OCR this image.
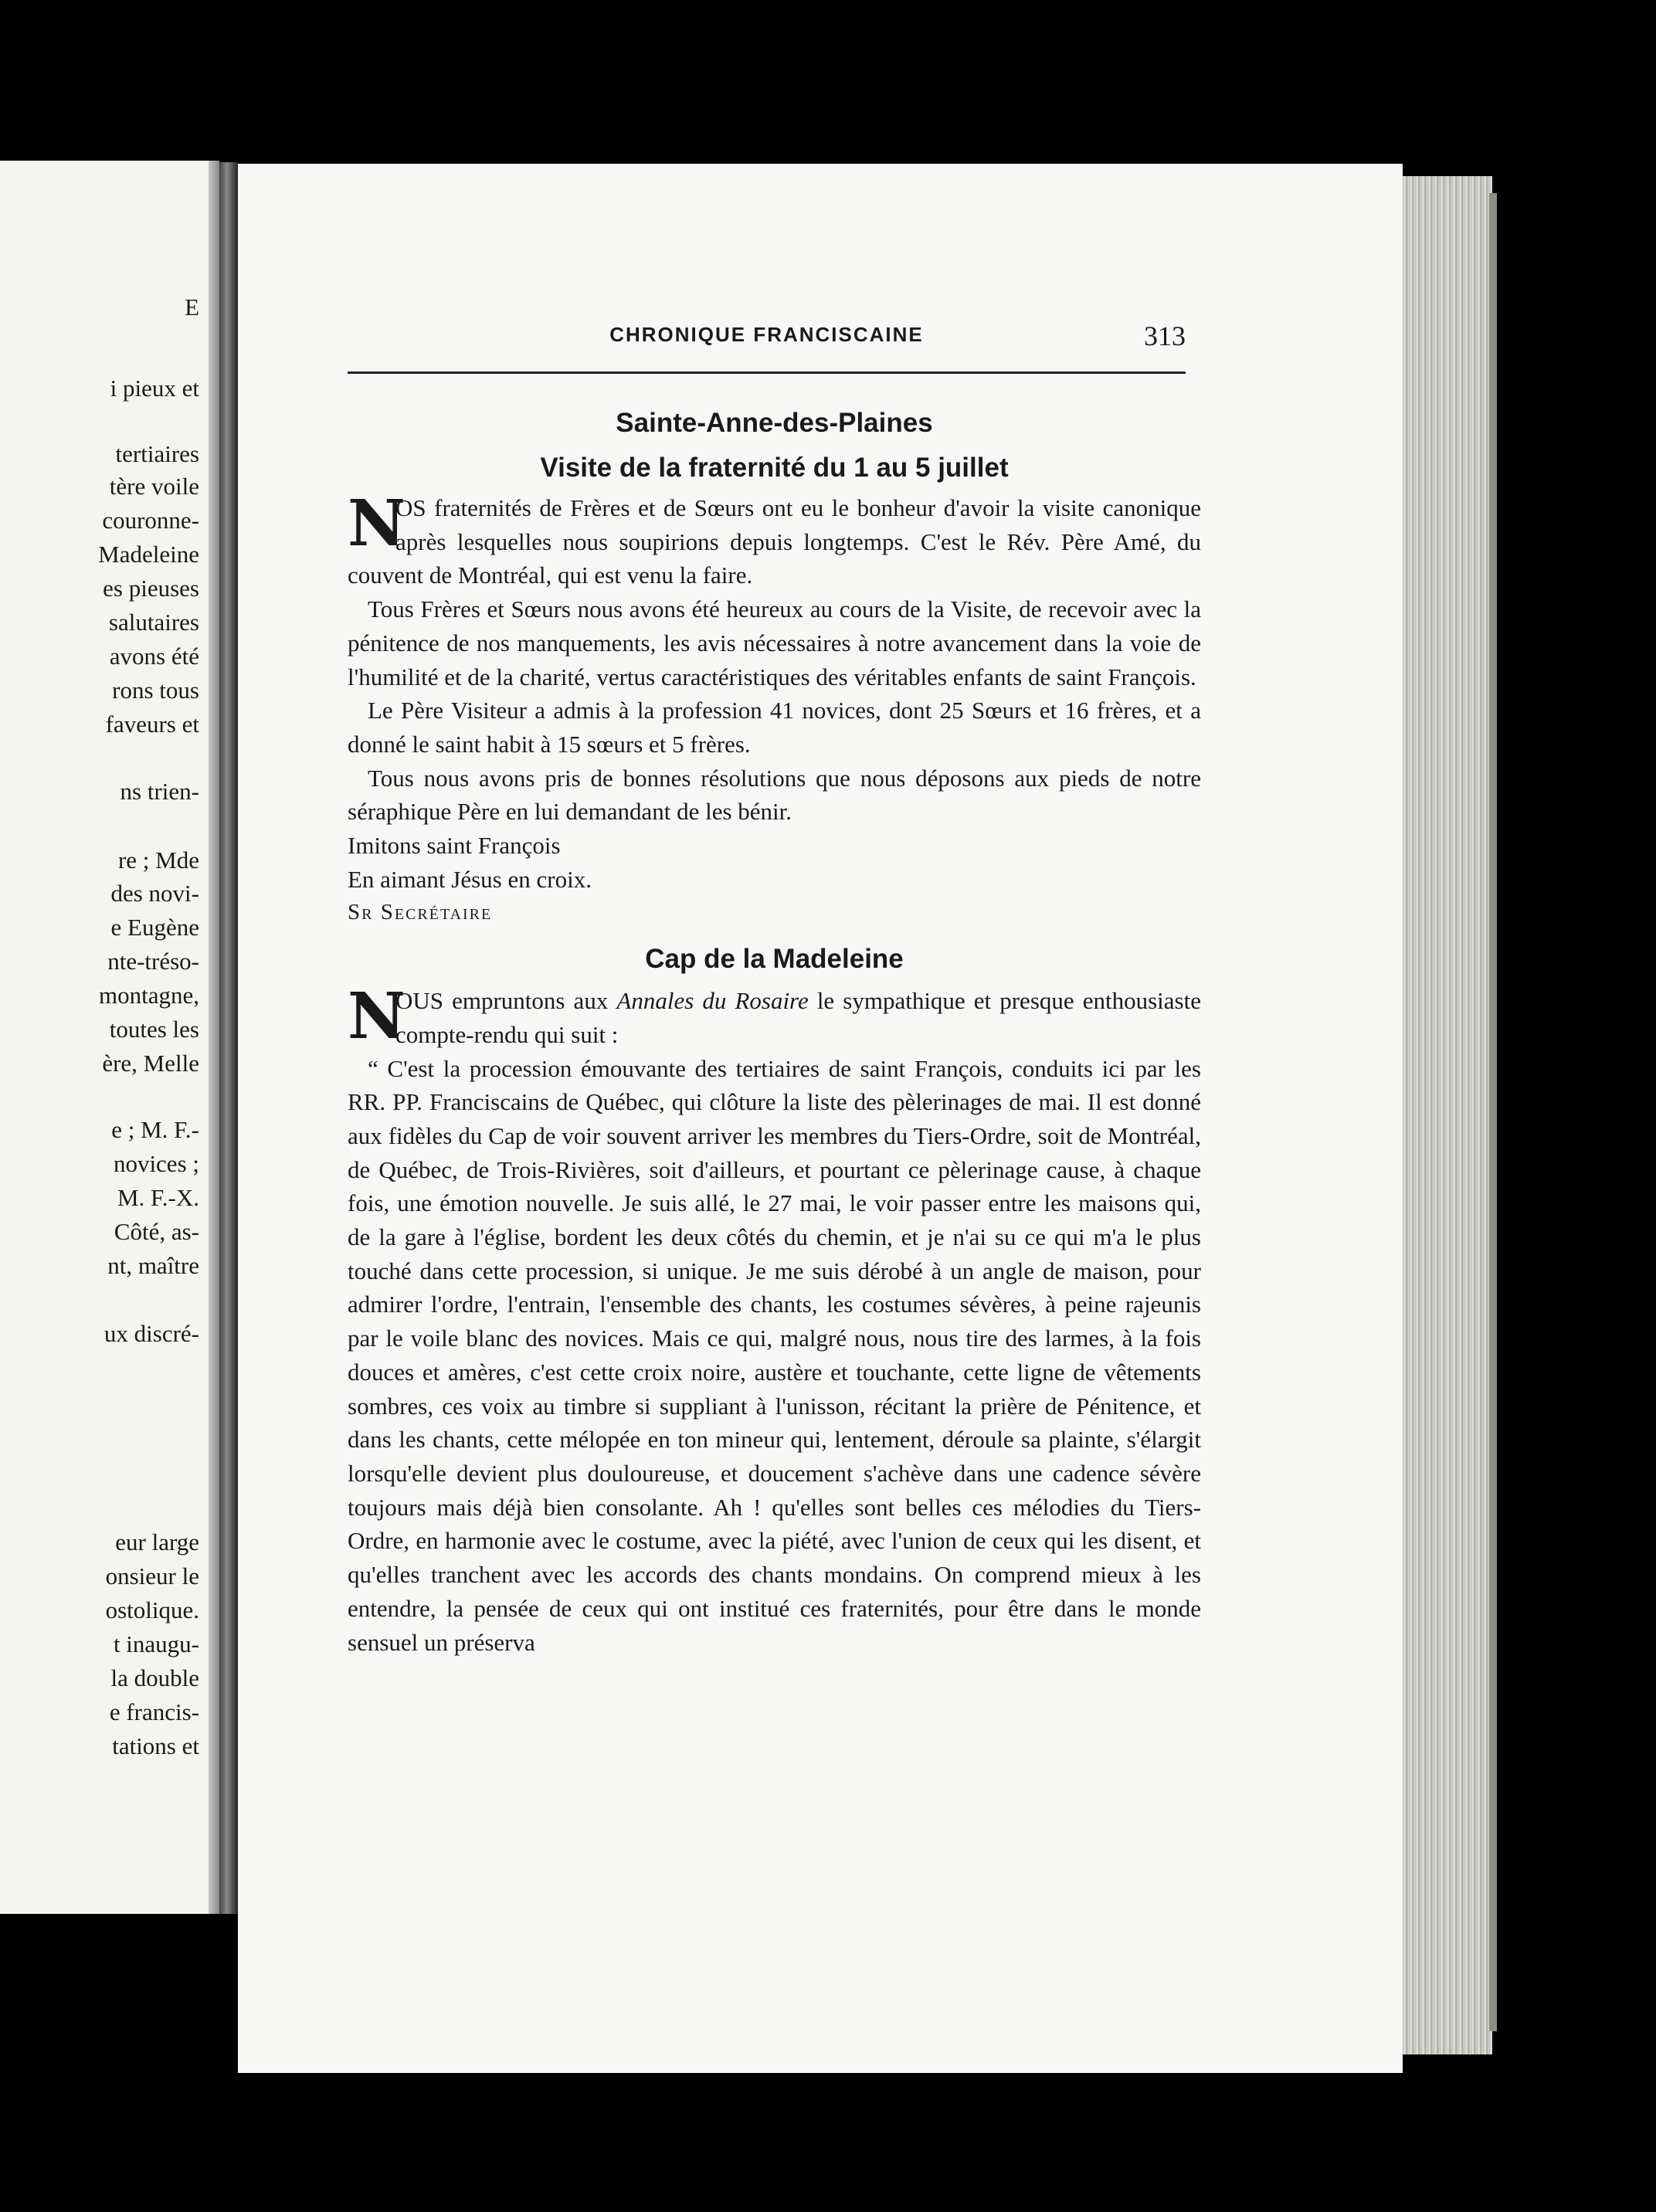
E
i pieux et
tertiaires
tère voile
couronne-
Madeleine
es pieuses
salutaires
avons été
rons tous
faveurs et
ns trien-
re ; Mde
des novi-
e Eugène
nte-tréso-
montagne,
toutes les
ère, Melle
e ; M. F.-
novices ;
M. F.-X.
Côté, as-
nt, maître
ux discré-
eur large
onsieur le
ostolique.
t inaugu-
la double
e francis-
tations et
CHRONIQUE FRANCISCAINE	313
Sainte-Anne-des-Plaines
Visite de la fraternité du 1 au 5 juillet

N
OS fraternités de Frères et de Sœurs ont eu le bonheur d'avoir la visite canonique après lesquelles nous soupirions depuis longtemps. C'est le Rév. Père Amé, du couvent de Montréal, qui est venu la faire.

Tous Frères et Sœurs nous avons été heureux au cours de la Visite, de recevoir avec la pénitence de nos manquements, les avis nécessaires à notre avancement dans la voie de l'humilité et de la charité, vertus caractéristiques des véritables enfants de saint François.

Le Père Visiteur a admis à la profession 41 novices, dont 25 Sœurs et 16 frères, et a donné le saint habit à 15 sœurs et 5 frères.

Tous nous avons pris de bonnes résolutions que nous déposons aux pieds de notre séraphique Père en lui demandant de les bénir.

Imitons saint François

En aimant Jésus en croix.

Sr Secrétaire

Cap de la Madeleine

N
OUS empruntons aux Annales du Rosaire le sympathique et presque enthousiaste compte-rendu qui suit :

“ C'est la procession émouvante des tertiaires de saint François, conduits ici par les RR. PP. Franciscains de Québec, qui clôture la liste des pèlerinages de mai. Il est donné aux fidèles du Cap de voir souvent arriver les membres du Tiers-Ordre, soit de Montréal, de Québec, de Trois-Rivières, soit d'ailleurs, et pourtant ce pèlerinage cause, à chaque fois, une émotion nouvelle. Je suis allé, le 27 mai, le voir passer entre les maisons qui, de la gare à l'église, bordent les deux côtés du chemin, et je n'ai su ce qui m'a le plus touché dans cette procession, si unique. Je me suis dérobé à un angle de maison, pour admirer l'ordre, l'entrain, l'ensemble des chants, les costumes sévères, à peine rajeunis par le voile blanc des novices. Mais ce qui, malgré nous, nous tire des larmes, à la fois douces et amères, c'est cette croix noire, austère et touchante, cette ligne de vêtements sombres, ces voix au timbre si suppliant à l'unisson, récitant la prière de Pénitence, et dans les chants, cette mélopée en ton mineur qui, lentement, déroule sa plainte, s'élargit lorsqu'elle devient plus douloureuse, et doucement s'achève dans une cadence sévère toujours mais déjà bien consolante. Ah ! qu'elles sont belles ces mélodies du Tiers-Ordre, en harmonie avec le costume, avec la piété, avec l'union de ceux qui les disent, et qu'elles tranchent avec les accords des chants mondains. On comprend mieux à les entendre, la pensée de ceux qui ont institué ces fraternités, pour être dans le monde sensuel un préserva
